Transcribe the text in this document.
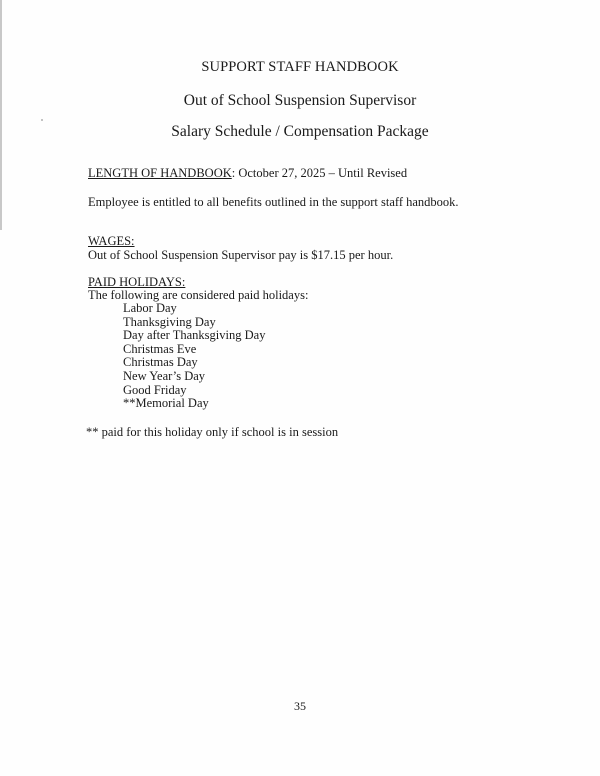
SUPPORT STAFF HANDBOOK
Out of School Suspension Supervisor
Salary Schedule / Compensation Package
LENGTH OF HANDBOOK: October 27, 2025 – Until Revised
Employee is entitled to all benefits outlined in the support staff handbook.
WAGES:
Out of School Suspension Supervisor pay is $17.15 per hour.
PAID HOLIDAYS:
The following are considered paid holidays:
Labor Day
Thanksgiving Day
Day after Thanksgiving Day
Christmas Eve
Christmas Day
New Year’s Day
Good Friday
**Memorial Day
** paid for this holiday only if school is in session
35
